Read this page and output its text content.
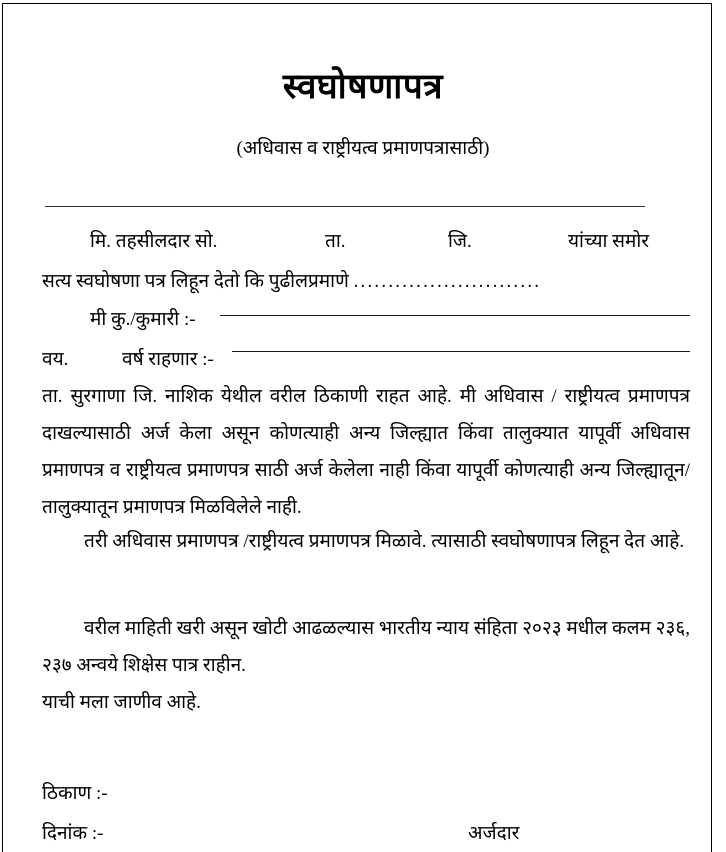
स्वघोषणापत्र
(अधिवास व राष्ट्रीयत्व प्रमाणपत्रासाठी)
मि. तहसीलदार सो.	ता.	जि.	यांच्या समोर
सत्य स्वघोषणा पत्र लिहून देतो कि पुढीलप्रमाणे ...........................
मी कु./कुमारी :-
वय.	वर्ष राहणार :-
ता. सुरगाणा जि. नाशिक येथील वरील ठिकाणी राहत आहे. मी अधिवास / राष्ट्रीयत्व प्रमाणपत्र दाखल्यासाठी अर्ज केला असून कोणत्याही अन्य जिल्ह्यात किंवा तालुक्यात यापूर्वी अधिवास प्रमाणपत्र व राष्ट्रीयत्व प्रमाणपत्र साठी अर्ज केलेला नाही किंवा यापूर्वी कोणत्याही अन्य जिल्ह्यातून/तालुक्यातून प्रमाणपत्र मिळविलेले नाही.
तरी अधिवास प्रमाणपत्र /राष्ट्रीयत्व प्रमाणपत्र मिळावे. त्यासाठी स्वघोषणापत्र लिहून देत आहे.
वरील माहिती खरी असून खोटी आढळल्यास भारतीय न्याय संहिता २०२३ मधील कलम २३६, २३७ अन्वये शिक्षेस पात्र राहीन.
याची मला जाणीव आहे.
ठिकाण :-
दिनांक :-	अर्जदार
